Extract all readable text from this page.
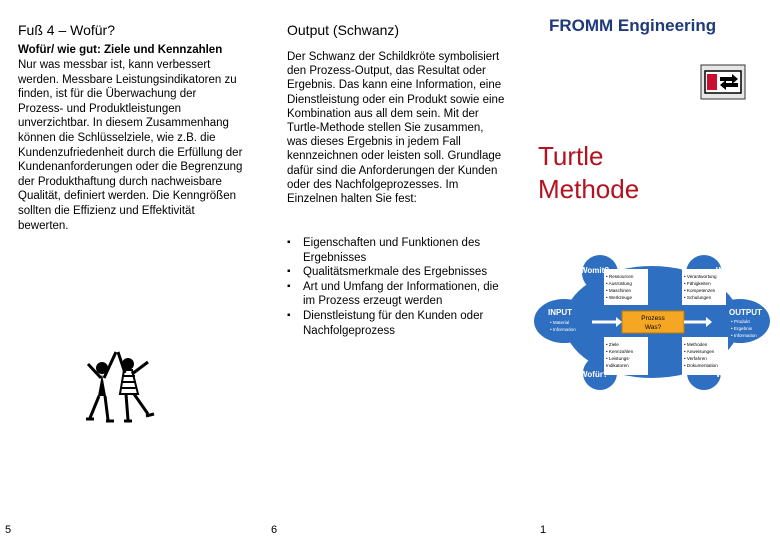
Fuß 4 – Wofür?
Wofür/ wie gut: Ziele und Kennzahlen
Nur was messbar ist, kann verbessert werden. Messbare Leistungsindikatoren zu finden, ist für die Überwachung der Prozess- und Produktleistungen unverzichtbar. In diesem Zusammenhang können die Schlüsselziele, wie z.B. die Kundenzufriedenheit durch die Erfüllung der Kundenanforderungen oder die Begrenzung der Produkthaftung durch nachweisbare Qualität, definiert werden. Die Kenngrößen sollten die Effizienz und Effektivität bewerten.
5
Output (Schwanz)
Der Schwanz der Schildkröte symbolisiert den Prozess-Output, das Resultat oder Ergebnis. Das kann eine Information, eine Dienstleistung oder ein Produkt sowie eine Kombination aus all dem sein. Mit der Turtle-Methode stellen Sie zusammen, was dieses Ergebnis in jedem Fall kennzeichnen oder leisten soll. Grundlage dafür sind die Anforderungen der Kunden oder des Nachfolgeprozesses. Im Einzelnen halten Sie fest:
▪ Eigenschaften und Funktionen des Ergebnisses
▪ Qualitätsmerkmale des Ergebnisses
▪ Art und Umfang der Informationen, die im Prozess erzeugt werden
▪ Dienstleistung für den Kunden oder Nachfolgeprozess
6
FROMM Engineering
Turtle
Methode
Womit?	Wer?
INPUT	OUTPUT
Wofür?	Wie?
Prozess
Was?
• Ressourcen
• Ausrüstung
• Maschinen
• Werkzeuge
• Verantwortung
• Fähigkeiten
• Kompetenzen
• Schulungen
• Material
• Information
• Produkt
• Ergebnis
• Information
• Ziele
• Kennzahlen
• Leistungs-
Indikatoren
• Methoden
• Anweisungen
• Verfahren
• Dokumentation
1
